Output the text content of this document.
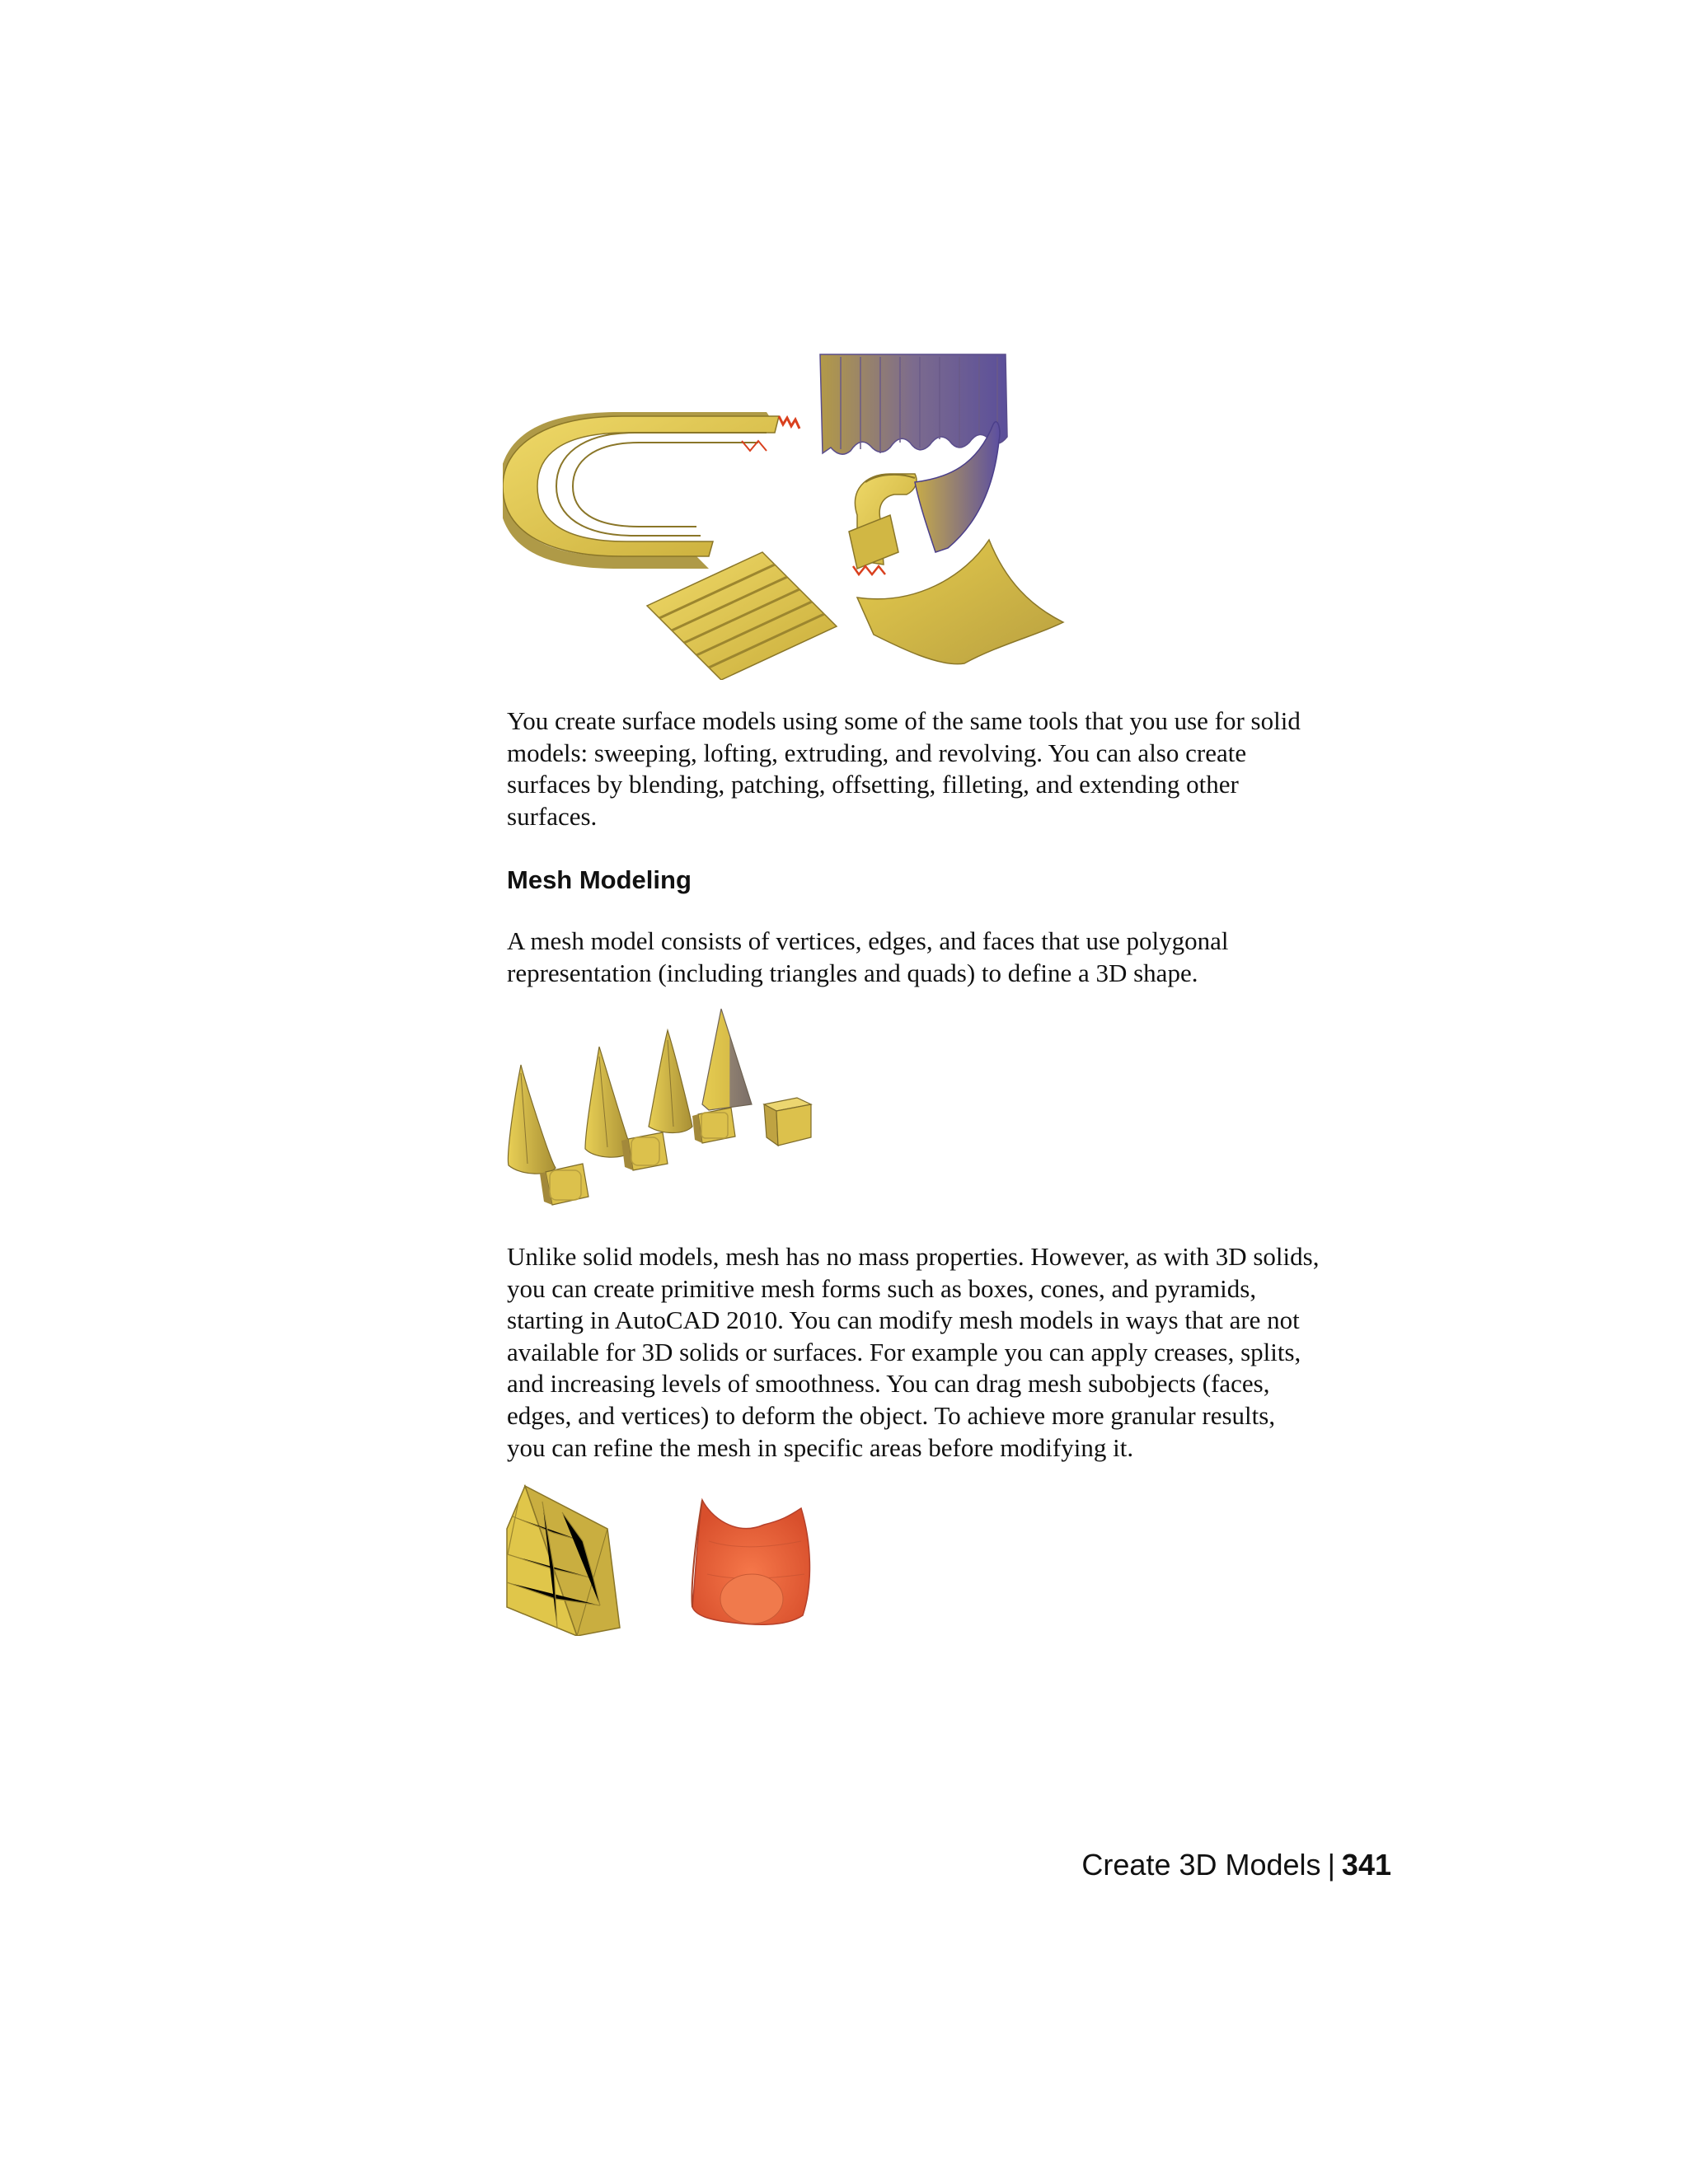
You create surface models using some of the same tools that you use for solid
models: sweeping, lofting, extruding, and revolving. You can also create
surfaces by blending, patching, offsetting, filleting, and extending other
surfaces.

Mesh Modeling

A mesh model consists of vertices, edges, and faces that use polygonal
representation (including triangles and quads) to define a 3D shape.

Unlike solid models, mesh has no mass properties. However, as with 3D solids,
you can create primitive mesh forms such as boxes, cones, and pyramids,
starting in AutoCAD 2010. You can modify mesh models in ways that are not
available for 3D solids or surfaces. For example you can apply creases, splits,
and increasing levels of smoothness. You can drag mesh subobjects (faces,
edges, and vertices) to deform the object. To achieve more granular results,
you can refine the mesh in specific areas before modifying it.

Create 3D Models | 341
